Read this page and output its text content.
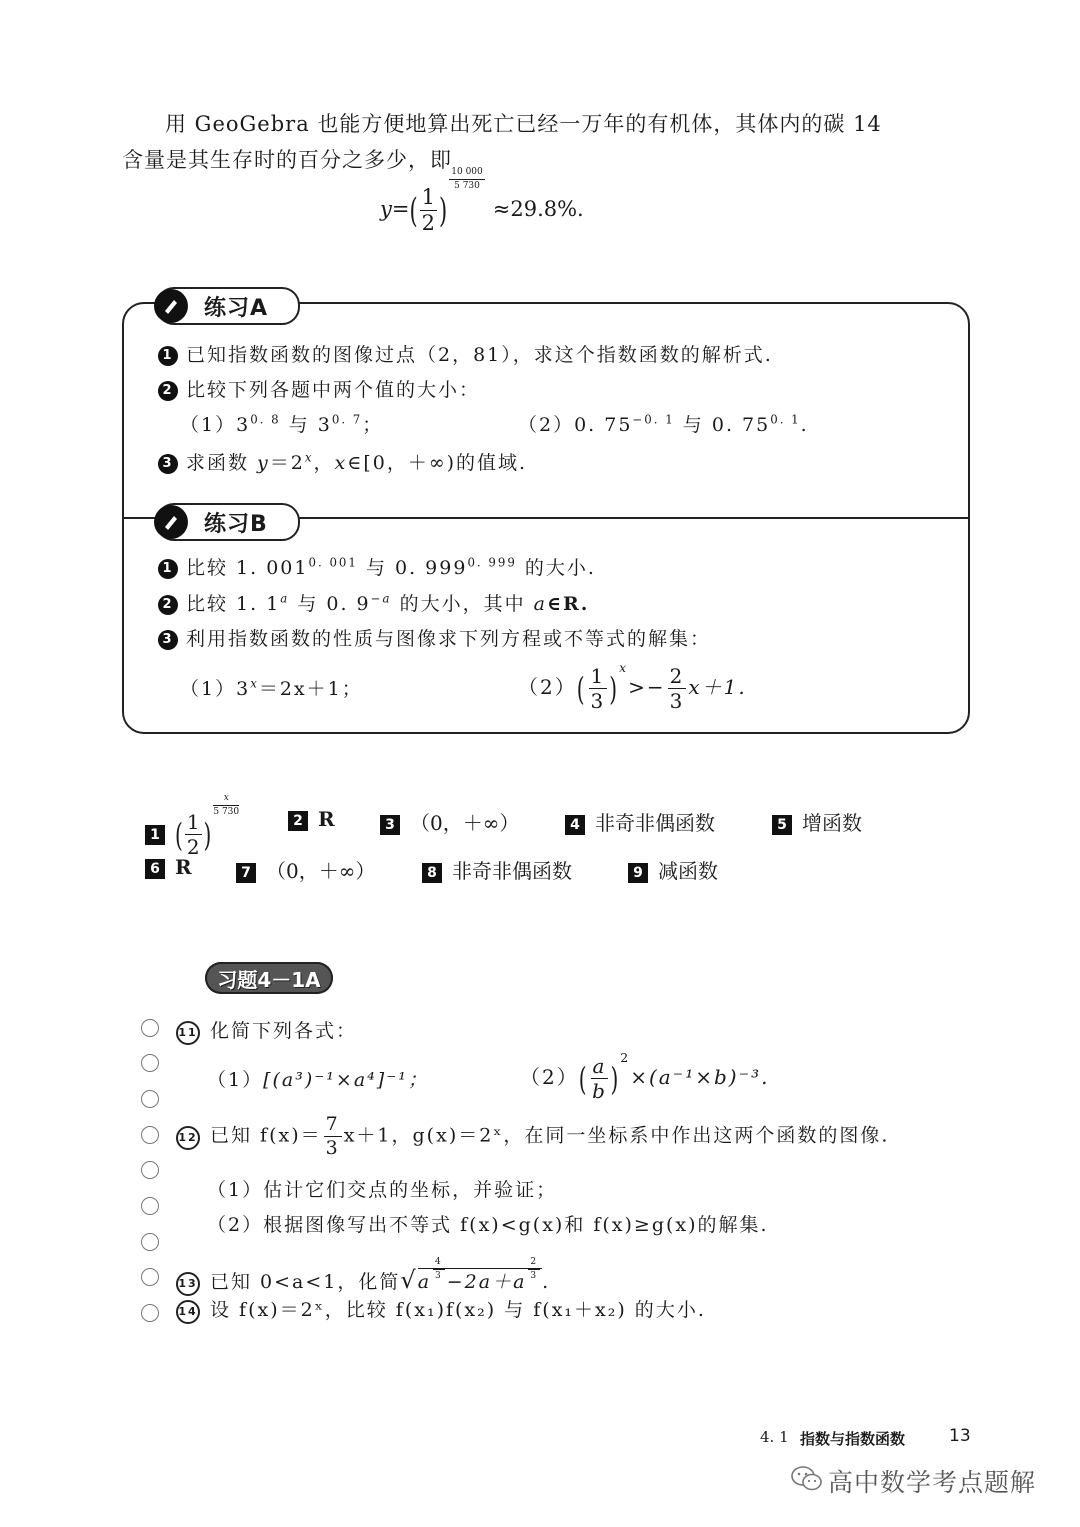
用 GeoGebra 也能方便地算出死亡已经一万年的有机体，其体内的碳 14
含量是其生存时的百分之多少，即
$y=( \frac{1}{2}$ )
$\frac{10 000}{5 730}$
≈29.8%.
练习A
练习B
1 已知指数函数的图像过点（2，81），求这个指数函数的解析式.
2 比较下列各题中两个值的大小：
$(1)3^{0. 8}$ 与 $3^{0. 7}$；	（2）0. $75^{-0. 1}$ 与 0. $75^{0. 1}$.
3 求函数 $y=2^x$，x∈[0，＋∞)的值域.
1 比较 1. $001^{0. 001}$ 与 0. $999^{0. 999}$ 的大小.
2 比较 1. 1$^a$ 与 0. $9^{-a}$ 的大小，其中 a∈R.
3 利用指数函数的性质与图像求下列方程或不等式的解集：
$(1)3^x=2x+1$；	$(2)( \frac{1}{3} )^x>- \frac{2}{3} x+1$.
1 ( $\frac{1}{2}$ )
$\frac{x}{5 730}$
2 R	3 （0，＋∞）	4 非奇非偶函数	5 增函数
6 R	7 （0，＋∞）	8 非奇非偶函数	9 减函数
习题4－1A
11 化简下列各式：
（1）[(a³)⁻¹×a⁴]⁻¹；	$(2)( \frac{a}{b} )^2\times(a^{-1}\times b)^{-3}$.
12 已知 $f(x)= \frac{7}{3} x+1$，g(x)＝2ˣ，在同一坐标系中作出这两个函数的图像.
（1）估计它们交点的坐标，并验证；
（2）根据图像写出不等式 f(x)<g(x)和 f(x)≥g(x)的解集.
13 已知 0<a<1，化简√a
$\frac{4}{3}$
−2a＋a
$\frac{2}{3}$
.
14 设 f(x)＝2ˣ，比较 f(x₁)f(x₂) 与 f(x₁＋x₂) 的大小.
4. 1 指数与指数函数	13
高中数学考点题解
